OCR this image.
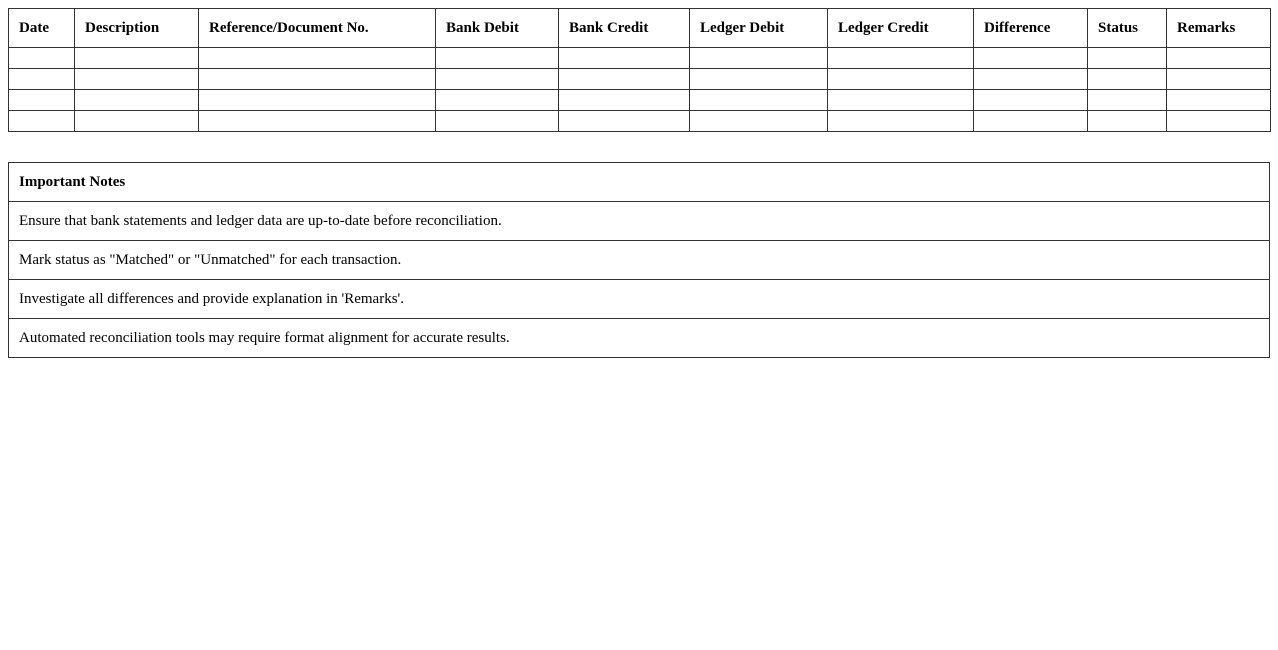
Date	Description	Reference/Document No.	Bank Debit	Bank Credit	Ledger Debit	Ledger Credit	Difference	Status	Remarks

Important Notes
Ensure that bank statements and ledger data are up-to-date before reconciliation.
Mark status as "Matched" or "Unmatched" for each transaction.
Investigate all differences and provide explanation in 'Remarks'.
Automated reconciliation tools may require format alignment for accurate results.
